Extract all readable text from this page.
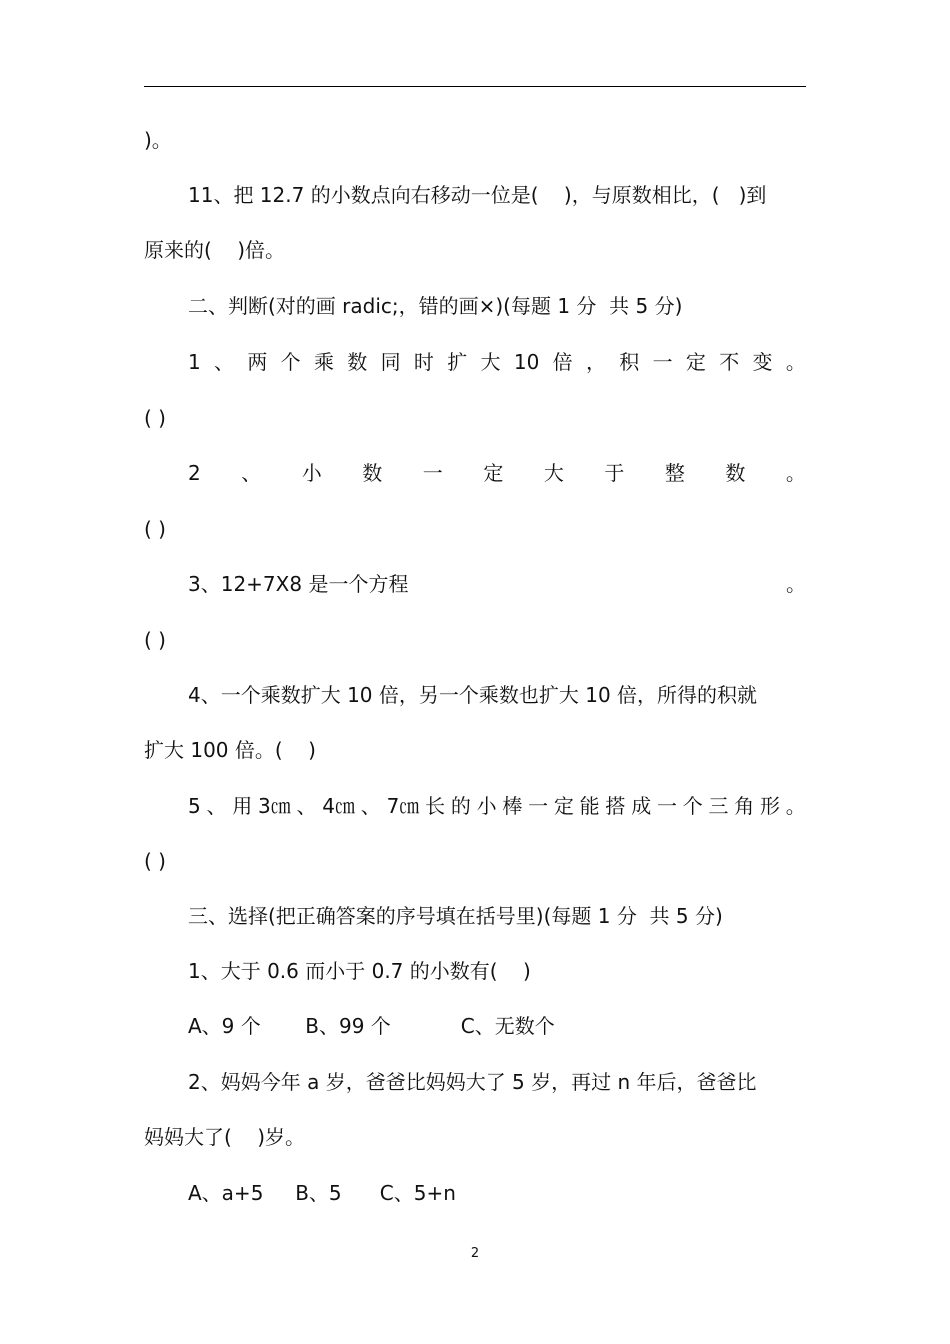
)。
11、把 12.7 的小数点向右移动一位是(    )，与原数相比，(   )到
原来的(    )倍。
二、判断(对的画 radic;，错的画×)(每题 1 分  共 5 分)
1 、 两 个 乘 数 同 时 扩 大 10 倍 ， 积 一 定 不 变 。
( )
2 、 小 数 一 定 大 于 整 数 。
( )
3、12+7X8 是一个方程	。
( )
4、一个乘数扩大 10 倍，另一个乘数也扩大 10 倍，所得的积就
扩大 100 倍。(    )
5 、 用 3㎝ 、 4㎝ 、 7㎝ 长 的 小 棒 一 定 能 搭 成 一 个 三 角 形 。
( )
三、选择(把正确答案的序号填在括号里)(每题 1 分  共 5 分)
1、大于 0.6 而小于 0.7 的小数有(    )
A、9 个       B、99 个           C、无数个
2、妈妈今年 a 岁，爸爸比妈妈大了 5 岁，再过 n 年后，爸爸比
妈妈大了(    )岁。
A、a+5     B、5      C、5+n
2
